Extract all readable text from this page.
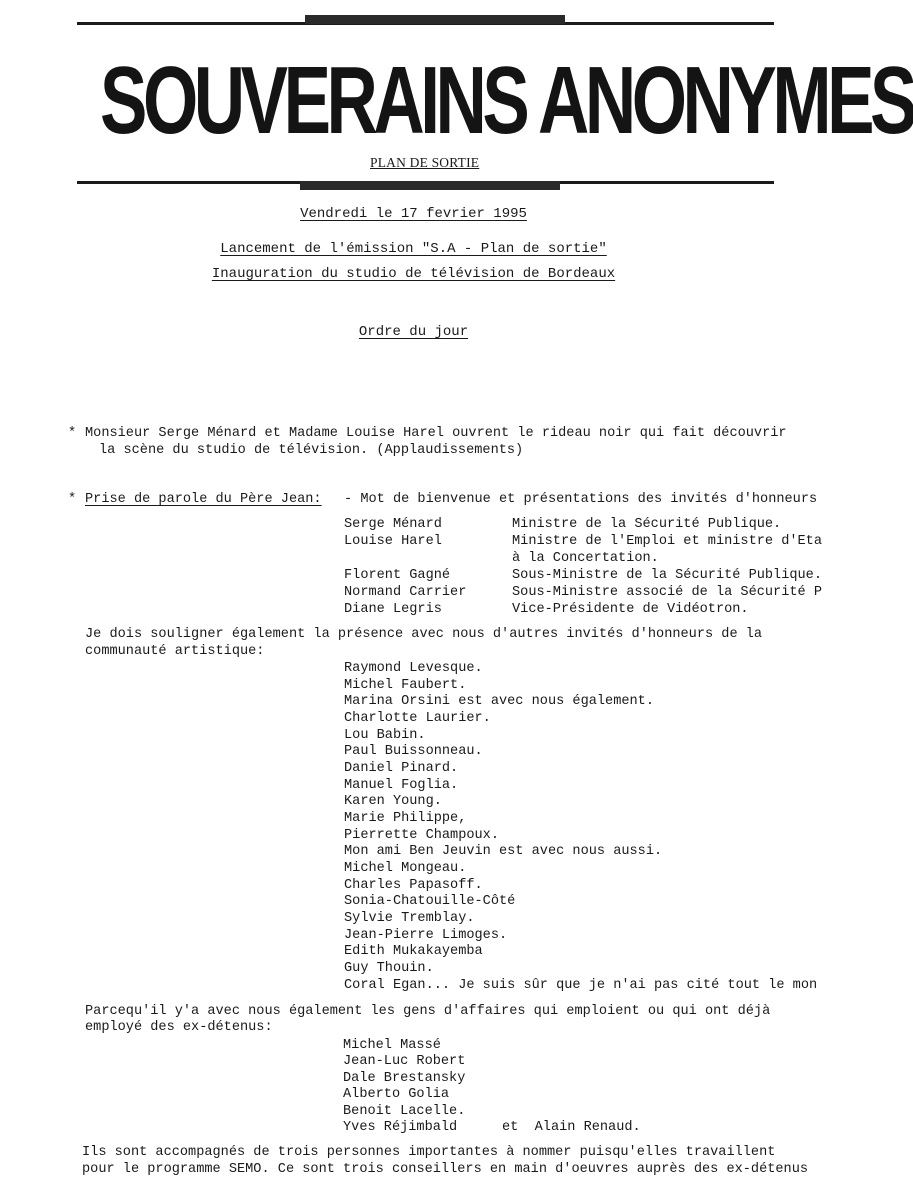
SOUVERAINS ANONYMES
PLAN DE SORTIE
Vendredi le 17 fevrier 1995
Lancement de l'émission "S.A - Plan de sortie"
Inauguration du studio de télévision de Bordeaux
Ordre du jour
* Monsieur Serge Ménard et Madame Louise Harel ouvrent le rideau noir qui fait découvrir
la scène du studio de télévision. (Applaudissements)
* Prise de parole du Père Jean: - Mot de bienvenue et présentations des invités d'honneurs
Serge Ménard	Ministre de la Sécurité Publique.
Louise Harel	Ministre de l'Emploi et ministre d'Eta
à la Concertation.
Florent Gagné	Sous-Ministre de la Sécurité Publique.
Normand Carrier	Sous-Ministre associé de la Sécurité P
Diane Legris	Vice-Présidente de Vidéotron.
Je dois souligner également la présence avec nous d'autres invités d'honneurs de la
communauté artistique:
Raymond Levesque.
Michel Faubert.
Marina Orsini est avec nous également.
Charlotte Laurier.
Lou Babin.
Paul Buissonneau.
Daniel Pinard.
Manuel Foglia.
Karen Young.
Marie Philippe,
Pierrette Champoux.
Mon ami Ben Jeuvin est avec nous aussi.
Michel Mongeau.
Charles Papasoff.
Sonia-Chatouille-Côté
Sylvie Tremblay.
Jean-Pierre Limoges.
Edith Mukakayemba
Guy Thouin.
Coral Egan... Je suis sûr que je n'ai pas cité tout le mon
Parcequ'il y'a avec nous également les gens d'affaires qui emploient ou qui ont déjà
employé des ex-détenus:
Michel Massé
Jean-Luc Robert
Dale Brestansky
Alberto Golia
Benoit Lacelle.
Yves Réjimbald	et  Alain Renaud.
Ils sont accompagnés de trois personnes importantes à nommer puisqu'elles travaillent
pour le programme SEMO. Ce sont trois conseillers en main d'oeuvres auprès des ex-détenus
